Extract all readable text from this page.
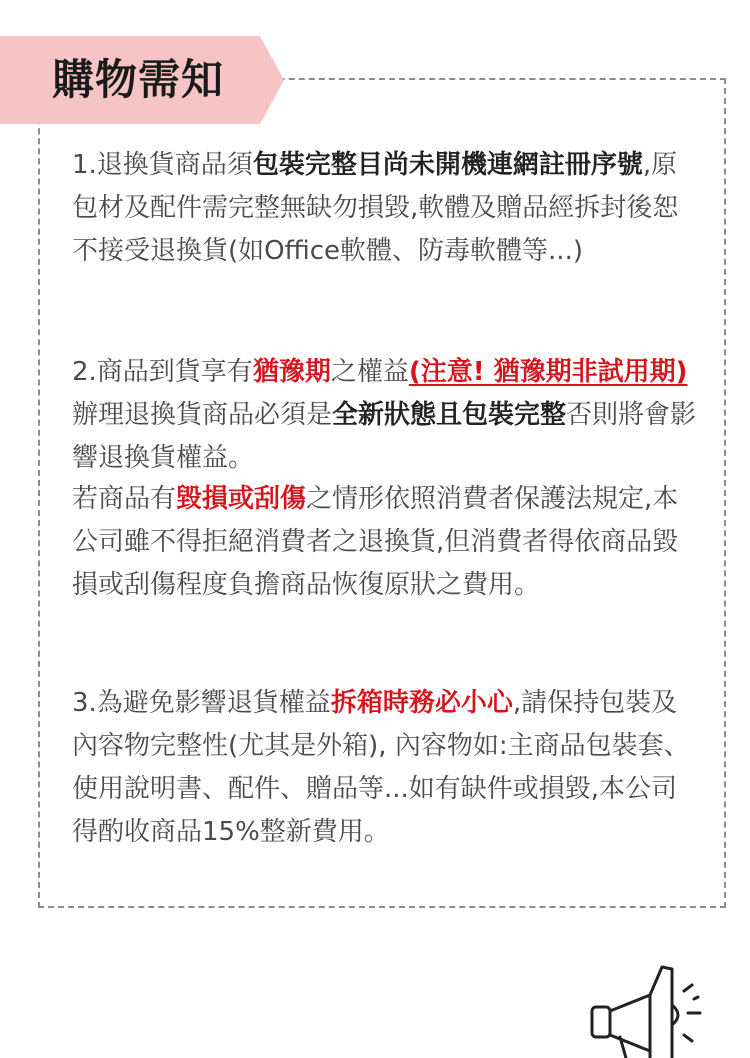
購物需知

1.退換貨商品須包裝完整目尚未開機連網註冊序號,原包材及配件需完整無缺勿損毀,軟體及贈品經拆封後恕不接受退換貨(如Office軟體、防毒軟體等...)

2.商品到貨享有猶豫期之權益(注意! 猶豫期非試用期)辦理退換貨商品必須是全新狀態且包裝完整否則將會影響退換貨權益。

若商品有毀損或刮傷之情形依照消費者保護法規定,本公司雖不得拒絕消費者之退換貨,但消費者得依商品毀損或刮傷程度負擔商品恢復原狀之費用。

3.為避免影響退貨權益拆箱時務必小心,請保持包裝及內容物完整性(尤其是外箱), 內容物如:主商品包裝套、使用說明書、配件、贈品等...如有缺件或損毀,本公司得酌收商品15%整新費用。
